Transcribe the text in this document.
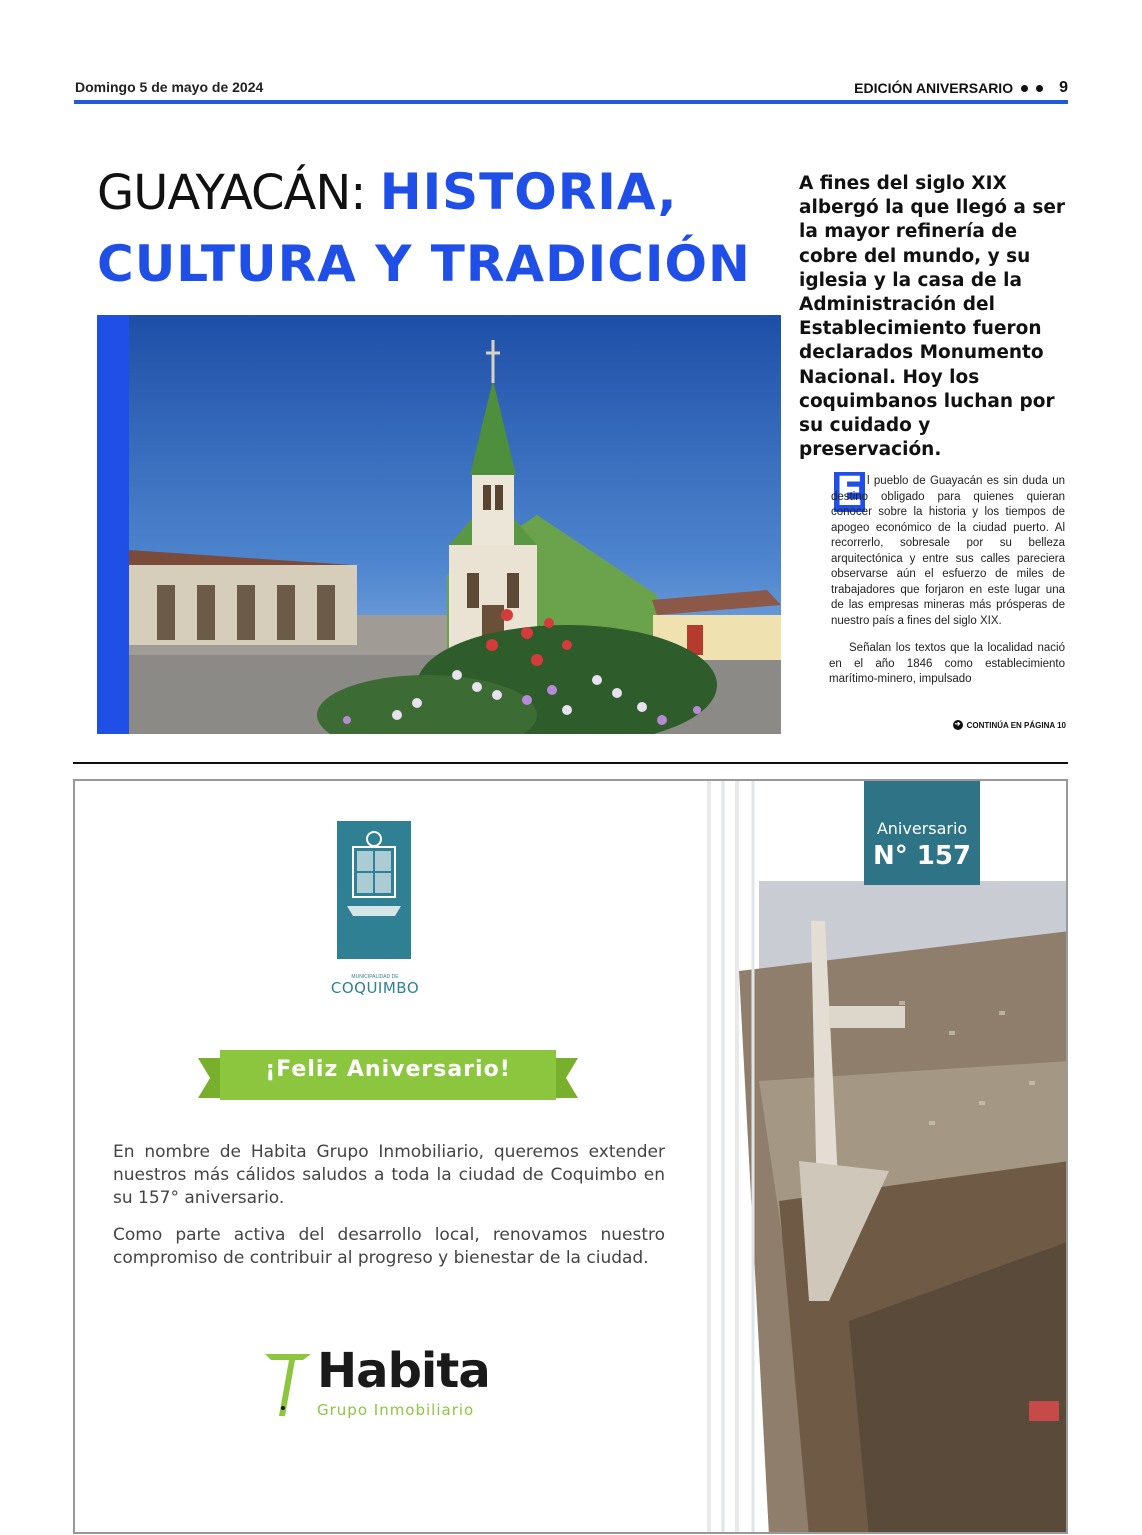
Domingo 5 de mayo de 2024	EDICIÓN ANIVERSARIO	9
GUAYACÁN: HISTORIA,
CULTURA Y TRADICIÓN
A fines del siglo XIX albergó la que llegó a ser la mayor refinería de cobre del mundo, y su iglesia y la casa de la Administración del Establecimiento fueron declarados Monumento Nacional. Hoy los coquimbanos luchan por su cuidado y preservación.
E l pueblo de Guayacán es sin duda un destino obligado para quienes quieran conocer sobre la historia y los tiempos de apogeo económico de la ciudad puerto. Al recorrerlo, sobresale por su belleza arquitectónica y entre sus calles pareciera observarse aún el esfuerzo de miles de trabajadores que forjaron en este lugar una de las empresas mineras más prósperas de nuestro país a fines del siglo XIX.

Señalan los textos que la localidad nació en el año 1846 como establecimiento marítimo-minero, impulsado

➔ CONTINÚA EN PÁGINA 10
MUNICIPALIDAD DE
COQUIMBO
¡Feliz Aniversario!

En nombre de Habita Grupo Inmobiliario, queremos extender nuestros más cálidos saludos a toda la ciudad de Coquimbo en su 157° aniversario.

Como parte activa del desarrollo local, renovamos nuestro compromiso de contribuir al progreso y bienestar de la ciudad.

Habita
Grupo Inmobiliario
Aniversario
N° 157
